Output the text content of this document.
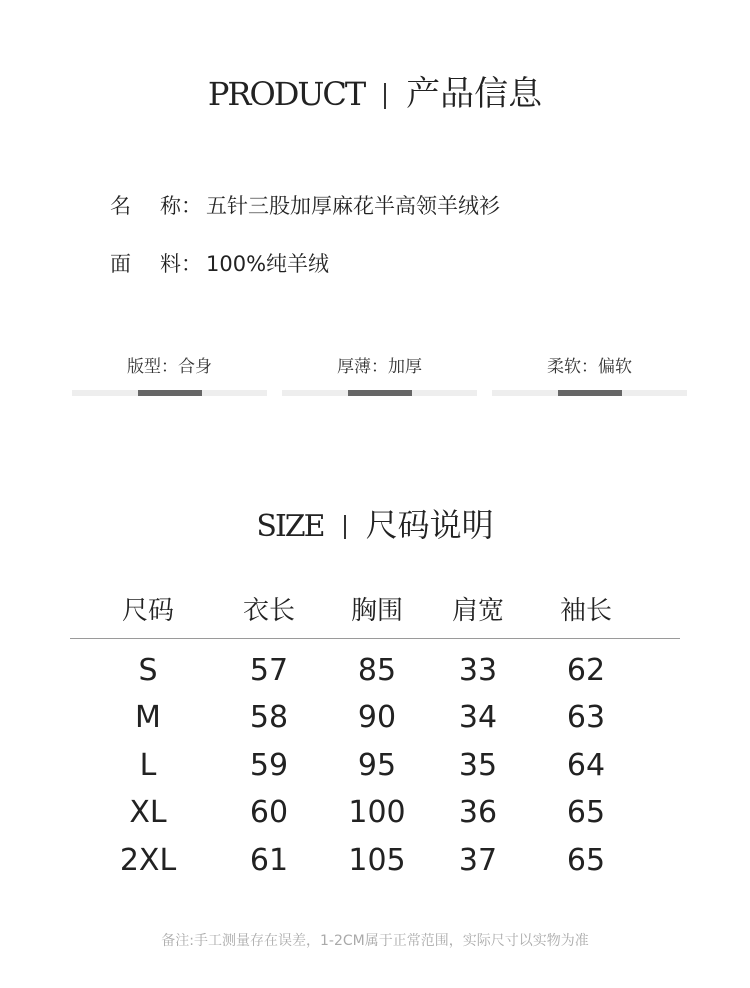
PRODUCT 产品信息
名 称： 五针三股加厚麻花半高领羊绒衫
面 料： 100%纯羊绒
版型：合身	厚薄：加厚	柔软：偏软
SIZE 尺码说明
尺码	衣长	胸围	肩宽	袖长
S	57	85	33	62
M	58	90	34	63
L	59	95	35	64
XL	60	100	36	65
2XL	61	105	37	65
备注:手工测量存在误差，1-2CM属于正常范围，实际尺寸以实物为准
